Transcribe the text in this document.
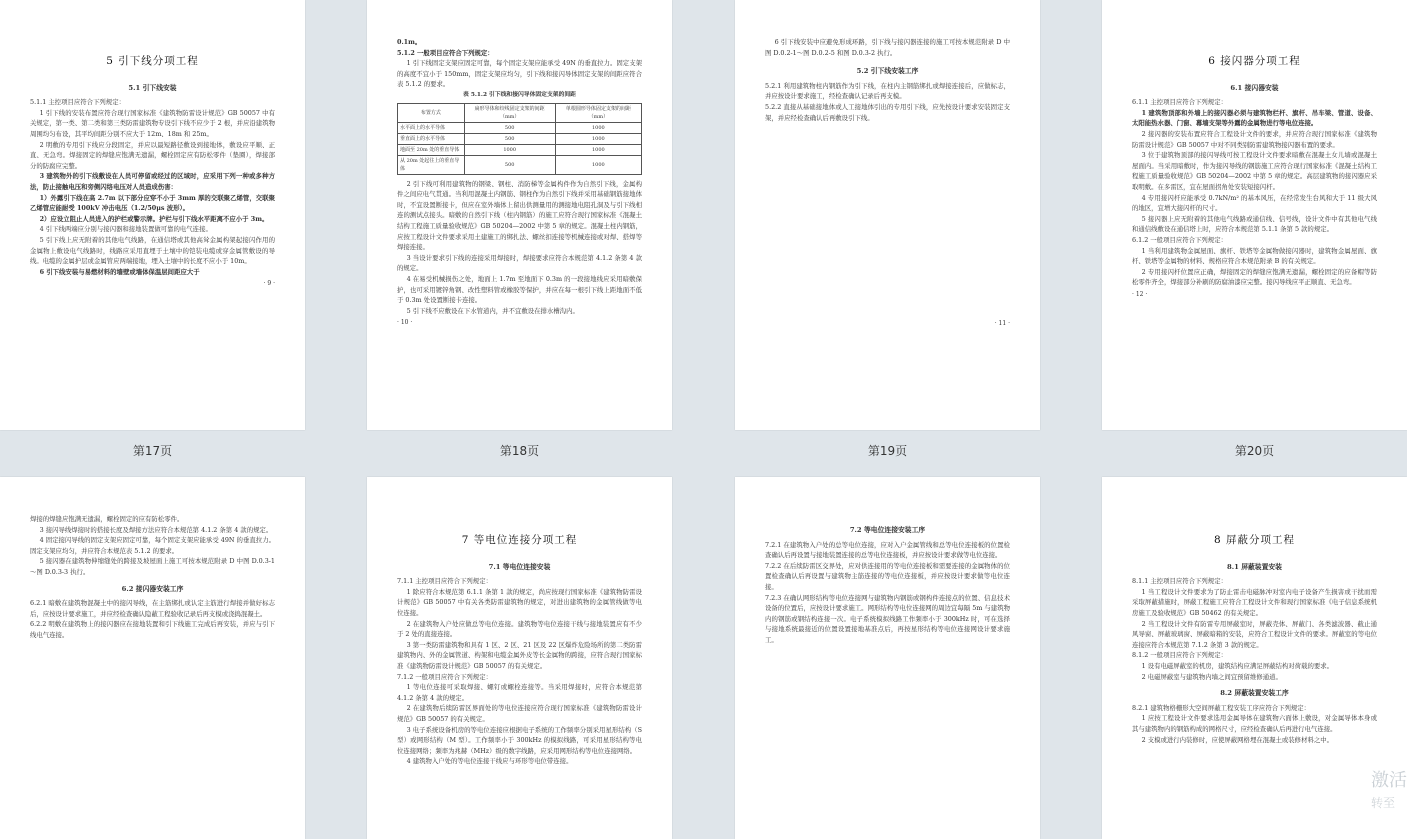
5 引下线分项工程
5.1 引下线安装
5.1.1 主控项目应符合下列规定：
1 引下线的安装布置应符合现行国家标准《建筑物防雷设计规范》GB 50057 中有关规定，第一类、第二类和第三类防雷建筑物专设引下线不应少于 2 根，并应沿建筑物周围均匀布设，其平均间距分别不应大于 12m、18m 和 25m。
2 明敷的专用引下线应分段固定，并应以最短路径敷设到接地体，敷设应平顺、正直、无急弯。焊接固定的焊缝应饱满无遗漏，螺栓固定应有防松零件（垫圈），焊接部分的防腐应完整。
3 建筑物外的引下线敷设在人员可停留或经过的区域时，应采用下列一种或多种方法，防止接触电压和旁侧闪络电压对人员造成伤害：
1）外露引下线在高 2.7m 以下部分应穿不小于 3mm 厚的交联聚乙烯管，交联聚乙烯管应能耐受 100kV 冲击电压（1.2/50μs 波形）。
2）应设立阻止人员进入的护栏或警示牌。护栏与引下线水平距离不应小于 3m。
4 引下线两端应分别与接闪器和接地装置做可靠的电气连接。
5 引下线上应无附着的其他电气线路，在通信塔或其他高耸金属构架起接闪作用的金属物上敷设电气线路时，线路应采用直埋于土壤中的铠装电缆或穿金属管敷设的导线。电缆的金属护层或金属管应两端接地，埋入土壤中的长度不应小于 10m。
6 引下线安装与易燃材料的墙壁或墙体保温层间距应大于
· 9 ·
第17页
0.1m。
5.1.2 一般项目应符合下列规定：
1 引下线固定支架应固定可靠，每个固定支架应能承受 49N 的垂直拉力。固定支架的高度不宜小于 150mm，固定支架应均匀，引下线和接闪导体固定支架的间距应符合表 5.1.2 的要求。
表 5.1.2 引下线和接闪导体固定支架的间距
布置方式	扁形导体和绞线固定支架的间距（mm）	单根圆形导体固定支架的间距（mm）
水平面上的水平导体	500	1000
垂直面上的水平导体	500	1000
地面至 20m 处的垂直导体	1000	1000
从 20m 处起往上的垂直导体	500	1000
2 引下线可利用建筑物的钢梁、钢柱、消防梯等金属构件作为自然引下线，金属构件之间应电气贯通。当利用混凝土内钢筋、钢柱作为自然引下线并采用基础钢筋接地体时，不宜设置断接卡，但应在室外墙体上留出供测量用的测接地电阻孔洞及与引下线相连的测试点接头。暗敷的自然引下线（柱内钢筋）的施工应符合现行国家标准《混凝土结构工程施工质量验收规范》GB 50204—2002 中第 5 章的规定。混凝土柱内钢筋，应按工程设计文件要求采用土建施工的绑扎法、螺丝扣连接等机械连接或对焊、搭焊等焊接连接。
3 当设计要求引下线的连接采用焊接时，焊接要求应符合本规范第 4.1.2 条第 4 款的规定。
4 在易受机械损伤之处，地面上 1.7m 至地面下 0.3m 的一段接地线应采用暗敷保护，也可采用镀锌角钢、改性塑料管或橡胶等保护，并应在每一根引下线上距地面不低于 0.3m 处设置断接卡连接。
5 引下线不应敷设在下水管道内，并不宜敷设在排水槽沟内。
· 10 ·
第18页
6 引下线安装中应避免形成环路，引下线与接闪器连接的施工可按本规范附录 D 中图 D.0.2-1～图 D.0.2-5 和图 D.0.3-2 执行。
5.2 引下线安装工序
5.2.1 利用建筑物柱内钢筋作为引下线，在柱内主钢筋绑扎或焊接连接后，应做标志，并应按设计要求施工，经检查确认记录后再支模。
5.2.2 直接从基础接地体或人工接地体引出的专用引下线，应先按设计要求安装固定支架，并应经检查确认后再敷设引下线。
· 11 ·
第19页
6 接闪器分项工程
6.1 接闪器安装
6.1.1 主控项目应符合下列规定：
1 建筑物顶部和外墙上的接闪器必须与建筑物栏杆、旗杆、吊车梁、管道、设备、太阳能热水器、门窗、幕墙支架等外露的金属物进行等电位连接。
2 接闪器的安装布置应符合工程设计文件的要求，并应符合现行国家标准《建筑物防雷设计规范》GB 50057 中对不同类别防雷建筑物接闪器布置的要求。
3 位于建筑物顶部的接闪导线可按工程设计文件要求暗敷在混凝土女儿墙或混凝土屋面内。当采用暗敷时，作为接闪导线的钢筋施工应符合现行国家标准《混凝土结构工程施工质量验收规范》GB 50204—2002 中第 5 章的规定。高层建筑物的接闪器应采取明敷。在多雷区，宜在屋面拐角处安装短接闪杆。
4 专用接闪杆应能承受 0.7kN/m² 的基本风压，在经常发生台风和大于 11 级大风的地区，宜增大接闪杆的尺寸。
5 接闪器上应无附着的其他电气线路或通信线、信号线，设计文件中有其他电气线和通信线敷设在通信塔上时，应符合本规范第 5.1.1 条第 5 款的规定。
6.1.2 一般项目应符合下列规定：
1 当利用建筑物金属屋面、旗杆、铁塔等金属物做接闪器时，建筑物金属屋面、旗杆、铁塔等金属物的材料、规格应符合本规范附录 B 的有关规定。
2 专用接闪杆位置应正确，焊接固定的焊缝应饱满无遗漏，螺栓固定的应备帽等防松零件齐全，焊接部分补刷的防腐油漆应完整。接闪导线应平正顺直、无急弯。
· 12 ·
第20页
焊接的焊缝应饱满无遗漏，螺栓固定的应有防松零件。
3 接闪导线焊接时的搭接长度及焊接方法应符合本规范第 4.1.2 条第 4 款的规定。
4 固定接闪导线的固定支架应固定可靠，每个固定支架应能承受 49N 的垂直拉力。固定支架应均匀，并应符合本规范表 5.1.2 的要求。
5 接闪器在建筑物伸缩缝处的跨接及坡屋面上施工可按本规范附录 D 中图 D.0.3-1～图 D.0.3-3 执行。
6.2 接闪器安装工序
6.2.1 暗敷在建筑物混凝土中的接闪导线，在主筋绑扎或认定主筋进行焊接并做好标志后，应按设计要求施工，并应经检查确认隐蔽工程验收记录后再支模或浇捣混凝土。
6.2.2 明敷在建筑物上的接闪器应在接地装置和引下线施工完成后再安装，并应与引下线电气连接。
7 等电位连接分项工程
7.1 等电位连接安装
7.1.1 主控项目应符合下列规定：
1 除应符合本规范第 6.1.1 条第 1 款的规定，尚应按现行国家标准《建筑物防雷设计规范》GB 50057 中有关各类防雷建筑物的规定，对进出建筑物的金属管线做等电位连接。
2 在建筑物入户处应做总等电位连接。建筑物等电位连接干线与接地装置应有不少于 2 处的直接连接。
3 第一类防雷建筑物和具有 1 区、2 区、21 区及 22 区爆炸危险场所的第二类防雷建筑物内、外的金属管道、构架和电缆金属外皮等长金属物的跨接，应符合现行国家标准《建筑物防雷设计规范》GB 50057 的有关规定。
7.1.2 一般项目应符合下列规定：
1 等电位连接可采取焊接、螺钉或螺栓连接等。当采用焊接时，应符合本规范第 4.1.2 条第 4 款的规定。
2 在建筑物后续防雷区界面处的等电位连接应符合现行国家标准《建筑物防雷设计规范》GB 50057 的有关规定。
3 电子系统设备机房的等电位连接应根据电子系统的工作频率分别采用星形结构（S 型）或网形结构（M 型）。工作频率小于 300kHz 的模拟线路，可采用星形结构等电位连接网络；频率为兆赫（MHz）级的数字线路，应采用网形结构等电位连接网络。
4 建筑物入户处的等电位连接干线应与环形等电位带连接。
7.2 等电位连接安装工序
7.2.1 在建筑物入户处的总等电位连接，应对入户金属管线和总等电位连接板的位置检查确认后再设置与接地装置连接的总等电位连接板，并应按设计要求做等电位连接。
7.2.2 在后续防雷区交界处，应对供连接用的等电位连接板和需要连接的金属物体的位置检查确认后再设置与建筑物主筋连接的等电位连接板，并应按设计要求做等电位连接。
7.2.3 在确认网形结构等电位连接网与建筑物内钢筋或钢构件连接点的位置、信息技术设备的位置后，应按设计要求施工。网形结构等电位连接网的周边宜每隔 5m 与建筑物内的钢筋或钢结构连接一次。电子系统模拟线路工作频率小于 300kHz 时，可在选择与接地系统最接近的位置设置接地基准点后，再按星形结构等电位连接网设计要求施工。
8 屏蔽分项工程
8.1 屏蔽装置安装
8.1.1 主控项目应符合下列规定：
1 当工程设计文件要求为了防止雷击电磁脉冲对室内电子设备产生损害或干扰而需采取屏蔽措施时，屏蔽工程施工应符合工程设计文件和现行国家标准《电子信息系统机房施工及验收规范》GB 50462 的有关规定。
2 当工程设计文件有防雷专用屏蔽室时，屏蔽壳体、屏蔽门、各类滤波器、截止通风导窗、屏蔽玻璃窗、屏蔽暗箱的安装，应符合工程设计文件的要求。屏蔽室的等电位连接应符合本规范第 7.1.2 条第 3 款的规定。
8.1.2 一般项目应符合下列规定：
1 设有电磁屏蔽室的机房，建筑结构应满足屏蔽结构对荷载的要求。
2 电磁屏蔽室与建筑物内墙之间宜预留维修通道。
8.2 屏蔽装置安装工序
8.2.1 建筑物格栅形大空间屏蔽工程安装工序应符合下列规定：
1 应按工程设计文件要求选用金属导体在建筑物六面体上敷设，对金属导体本身或其与建筑物内的钢筋构成的网格尺寸，应经检查确认后再进行电气连接。
2 支模或进行内装修时，应使屏蔽网格埋在混凝土或装修材料之中。
激活
转至
